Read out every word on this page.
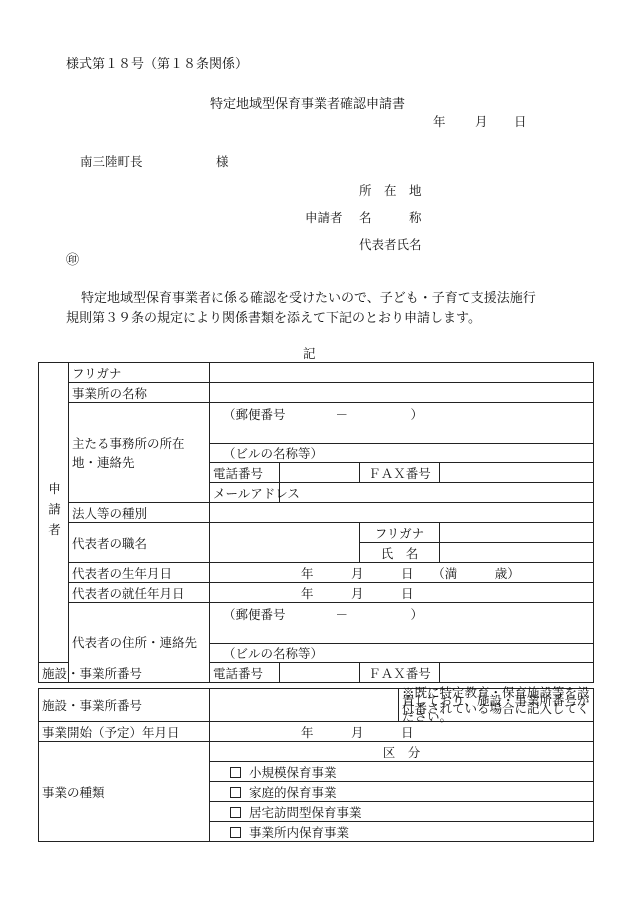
様式第１８号（第１８条関係）
特定地域型保育事業者確認申請書
年 月 日
南三陸町長	様
所　在　地
申請者 名　　　称
代表者氏名
㊞
特定地域型保育事業者に係る確認を受けたいので、子ども・子育て支援法施行
規則第３９条の規定により関係書類を添えて下記のとおり申請します。
記
申請者	フリガナ				
	事業所の名称				
	主たる事務所の所在地・連絡先	（郵便番号　　　　－　　　　　）			
		（ビルの名称等）			
		電話番号		ＦＡＸ番号	
		メールアドレス			
	法人等の種別				
	代表者の職名			フリガナ	
				氏　名	
	代表者の生年月日	年　　　月　　　日　　（満　　　歳）			
	代表者の就任年月日	年　　　月　　　日			
	代表者の住所・連絡先	（郵便番号　　　　－　　　　　）			
		（ビルの名称等）			
施設・事業所番号		電話番号		ＦＡＸ番号	
施設・事業所番号		※既に特定教育・保育施設等を設置しており、施設・事業所番号が付番されている場合に記入してください。
事業開始（予定）年月日	年　　　月　　　日	
事業の種類	区　分	
	小規模保育事業	
	家庭的保育事業	
	居宅訪問型保育事業	
	事業所内保育事業	
